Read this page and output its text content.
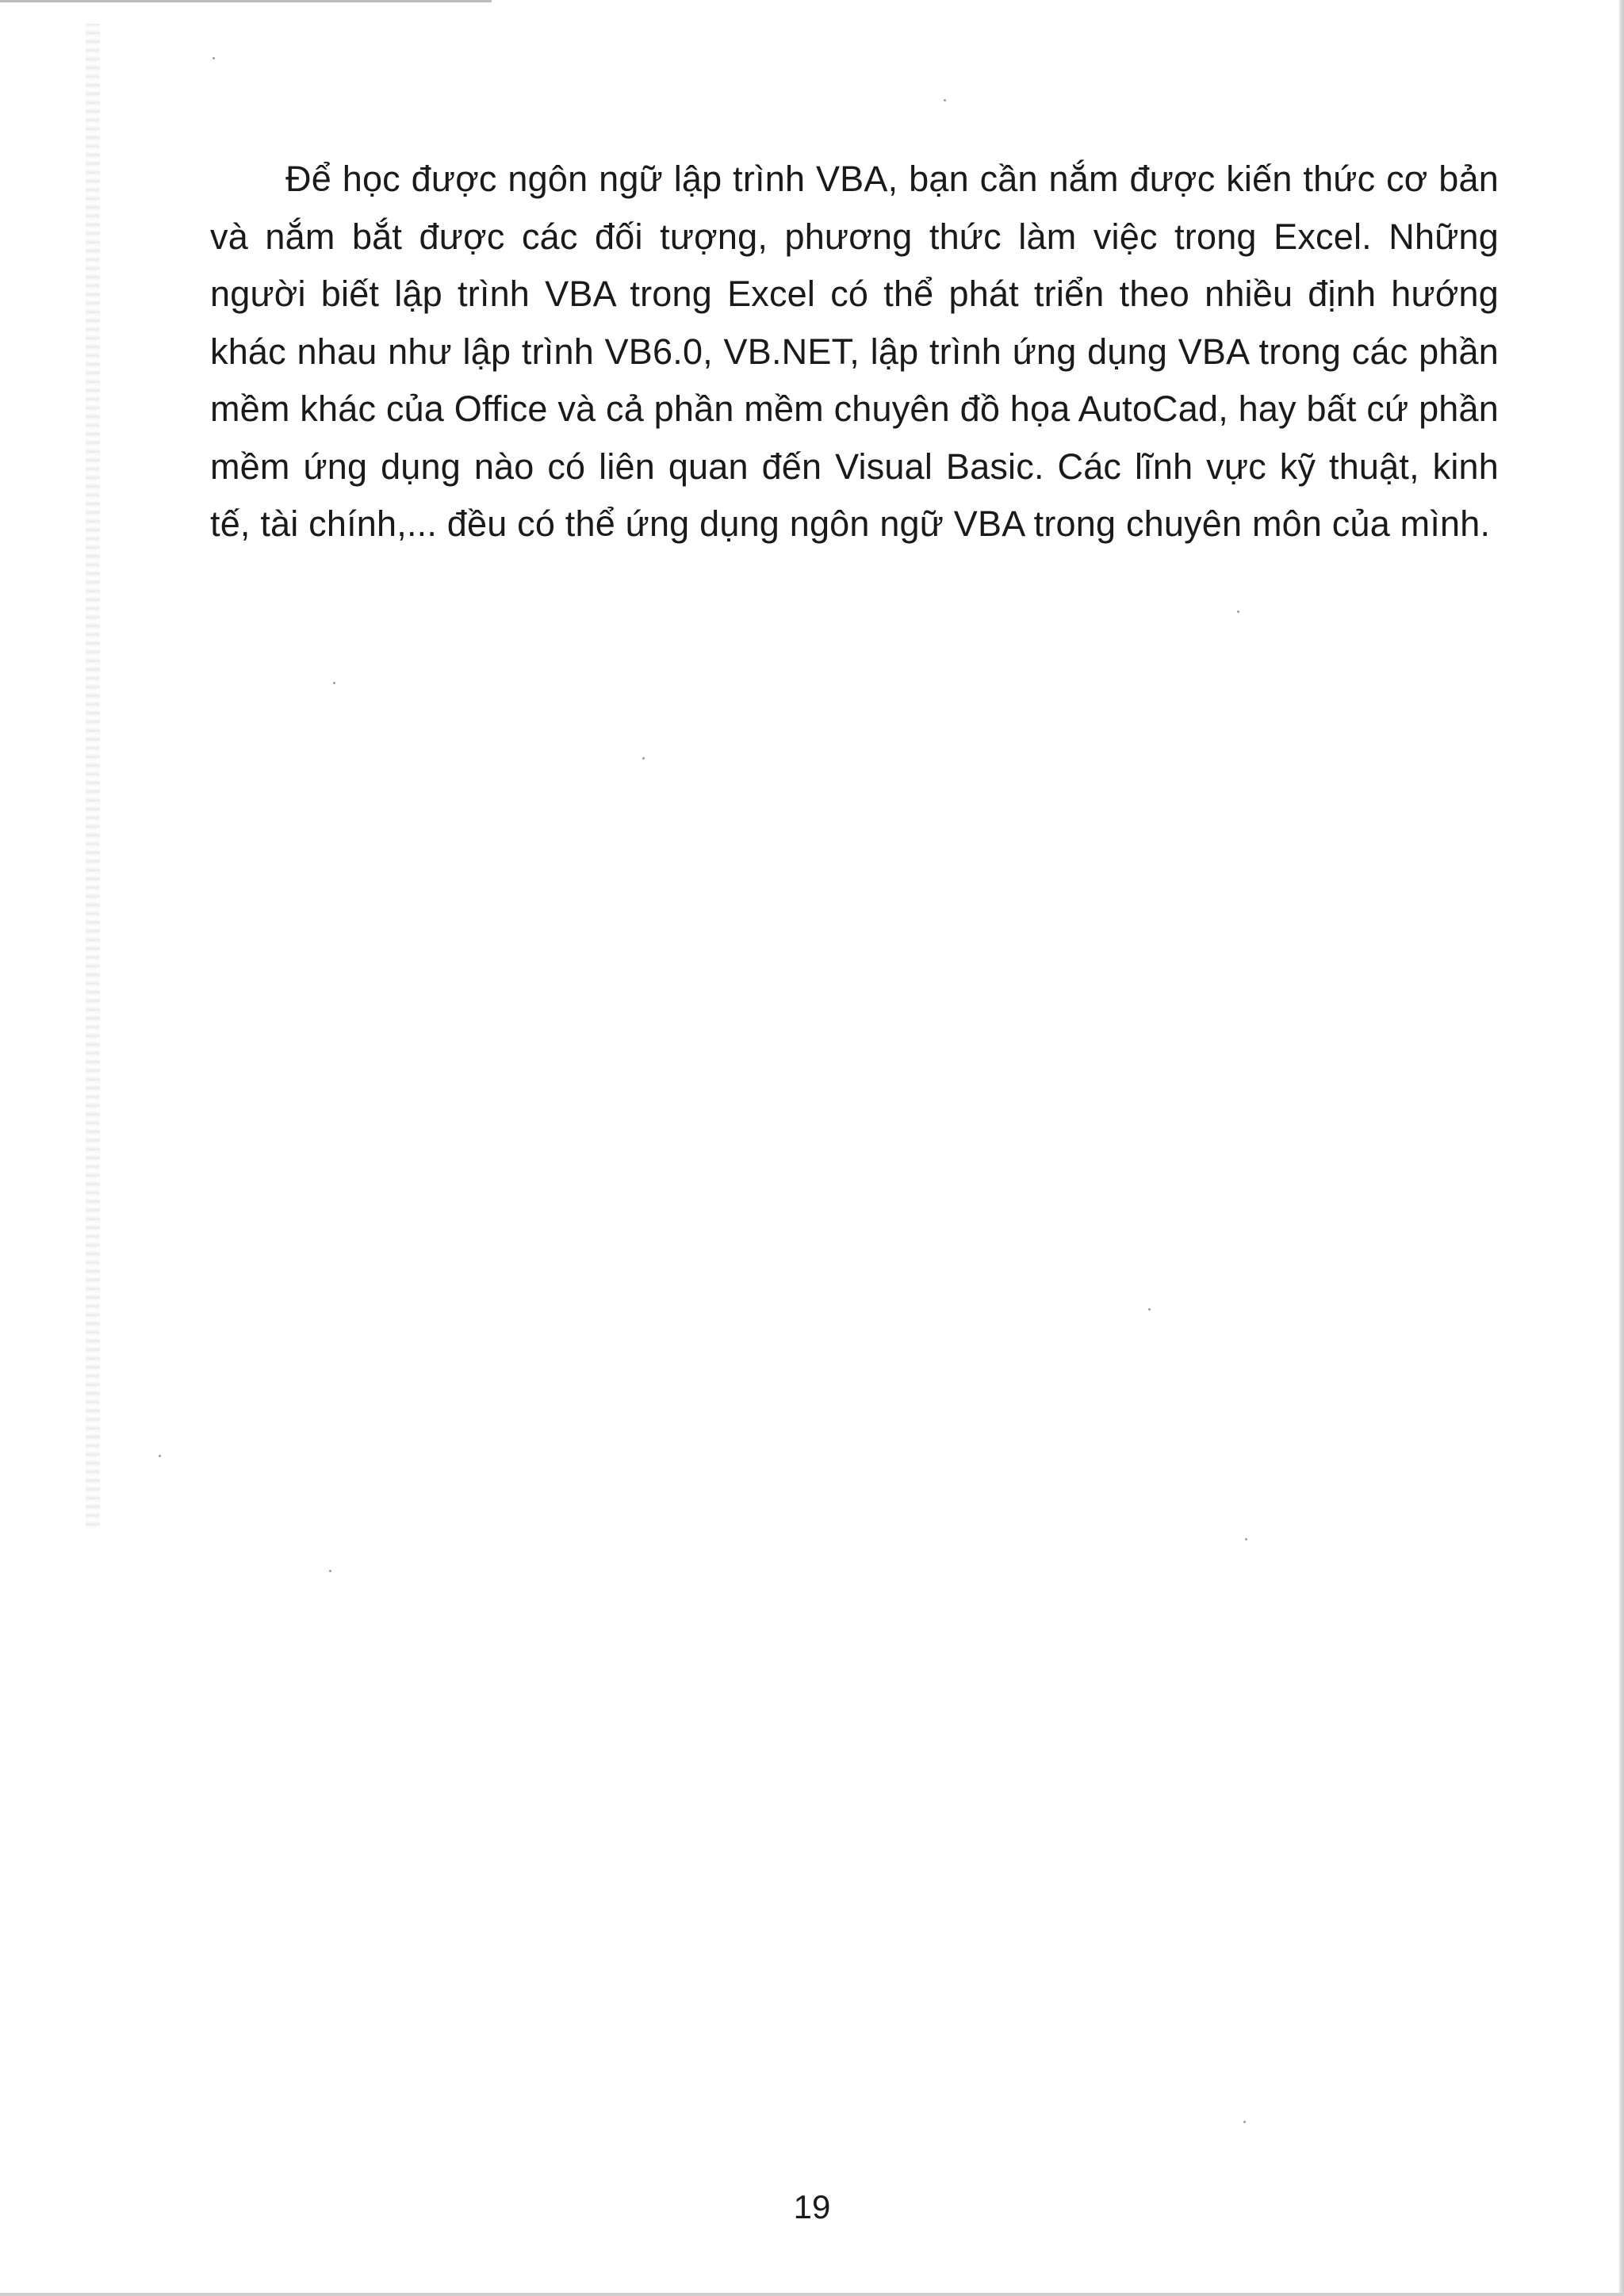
Để học được ngôn ngữ lập trình VBA, bạn cần nắm được kiến thức cơ bản và nắm bắt được các đối tượng, phương thức làm việc trong Excel. Những người biết lập trình VBA trong Excel có thể phát triển theo nhiều định hướng khác nhau như lập trình VB6.0, VB.NET, lập trình ứng dụng VBA trong các phần mềm khác của Office và cả phần mềm chuyên đồ họa AutoCad, hay bất cứ phần mềm ứng dụng nào có liên quan đến Visual Basic. Các lĩnh vực kỹ thuật, kinh tế, tài chính,... đều có thể ứng dụng ngôn ngữ VBA trong chuyên môn của mình.

19
